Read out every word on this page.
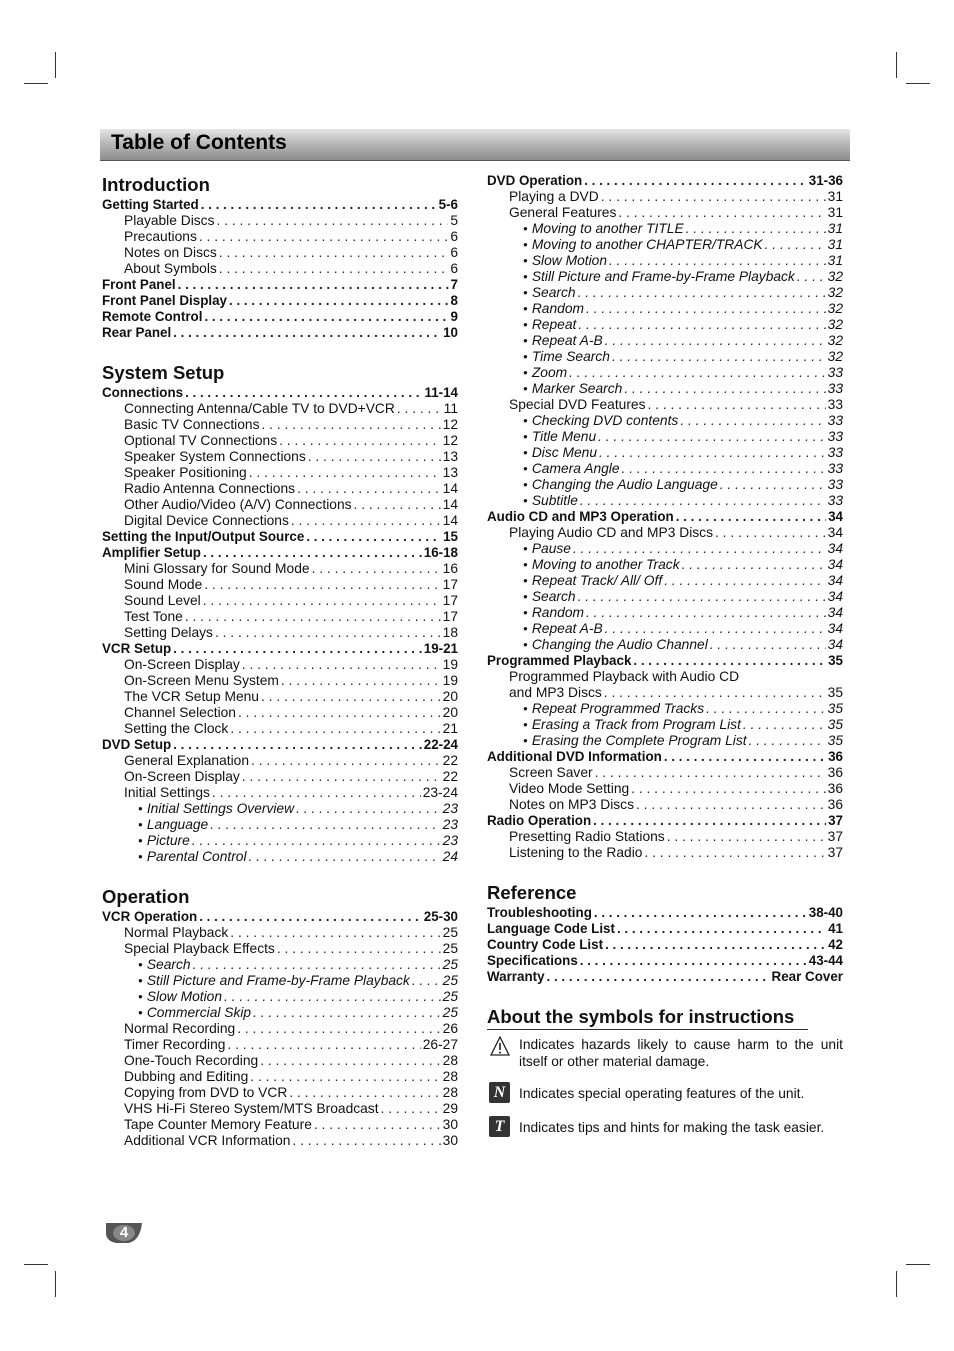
Table of Contents
Introduction
Getting Started . . .	5-6
Playable Discs . . .	5
Precautions . . .	6
Notes on Discs . . .	6
About Symbols . . .	6
Front Panel . . .	7
Front Panel Display . . .	8
Remote Control . . .	9
Rear Panel . . .	10
System Setup
Connections . . .	11-14
Connecting Antenna/Cable TV to DVD+VCR . . .	11
Basic TV Connections . . .	12
Optional TV Connections . . .	12
Speaker System Connections . . .	13
Speaker Positioning . . .	13
Radio Antenna Connections . . .	14
Other Audio/Video (A/V) Connections . . .	14
Digital Device Connections . . .	14
Setting the Input/Output Source . . .	15
Amplifier Setup . . .	16-18
Mini Glossary for Sound Mode . . .	16
Sound Mode . . .	17
Sound Level . . .	17
Test Tone . . .	17
Setting Delays . . .	18
VCR Setup . . .	19-21
On-Screen Display . . .	19
On-Screen Menu System . . .	19
The VCR Setup Menu . . .	20
Channel Selection . . .	20
Setting the Clock . . .	21
DVD Setup . . .	22-24
General Explanation . . .	22
On-Screen Display . . .	22
Initial Settings . . .	23-24
● Initial Settings Overview . . .	23
● Language . . .	23
● Picture . . .	23
● Parental Control . . .	24
Operation
VCR Operation . . .	25-30
Normal Playback . . .	25
Special Playback Effects . . .	25
● Search . . .	25
● Still Picture and Frame-by-Frame Playback . . . 25
● Slow Motion . . .	25
● Commercial Skip . . .	25
Normal Recording . . .	26
Timer Recording . . .	26-27
One-Touch Recording . . .	28
Dubbing and Editing . . .	28
Copying from DVD to VCR . . .	28
VHS Hi-Fi Stereo System/MTS Broadcast . . .	29
Tape Counter Memory Feature . . .	30
Additional VCR Information . . .	30
DVD Operation . . .	31-36
Playing a DVD . . .	31
General Features . . .	31
● Moving to another TITLE . . .	31
● Moving to another CHAPTER/TRACK . . .	31
● Slow Motion . . .	31
● Still Picture and Frame-by-Frame Playback . . . 32
● Search . . .	32
● Random . . .	32
● Repeat . . .	32
● Repeat A-B . . .	32
● Time Search . . .	32
● Zoom . . .	33
● Marker Search . . .	33
Special DVD Features . . .	33
● Checking DVD contents . . .	33
● Title Menu . . .	33
● Disc Menu . . .	33
● Camera Angle . . .	33
● Changing the Audio Language . . .	33
● Subtitle . . .	33
Audio CD and MP3 Operation . . .	34
Playing Audio CD and MP3 Discs . . .	34
● Pause . . .	34
● Moving to another Track . . .	34
● Repeat Track/ All/ Off . . .	34
● Search . . .	34
● Random . . .	34
● Repeat A-B . . .	34
● Changing the Audio Channel . . .	34
Programmed Playback . . .	35
Programmed Playback with Audio CD
and MP3 Discs . . .	35
● Repeat Programmed Tracks . . .	35
● Erasing a Track from Program List . . .	35
● Erasing the Complete Program List . . .	35
Additional DVD Information . . .	36
Screen Saver . . .	36
Video Mode Setting . . .	36
Notes on MP3 Discs . . .	36
Radio Operation . . .	37
Presetting Radio Stations . . .	37
Listening to the Radio . . .	37
Reference
Troubleshooting . . .	38-40
Language Code List . . .	41
Country Code List . . .	42
Specifications . . .	43-44
Warranty . . .	Rear Cover
About the symbols for instructions
Indicates hazards likely to cause harm to the unit itself or other material damage.
N Indicates special operating features of the unit.
T	Indicates tips and hints for making the task easier.
4
